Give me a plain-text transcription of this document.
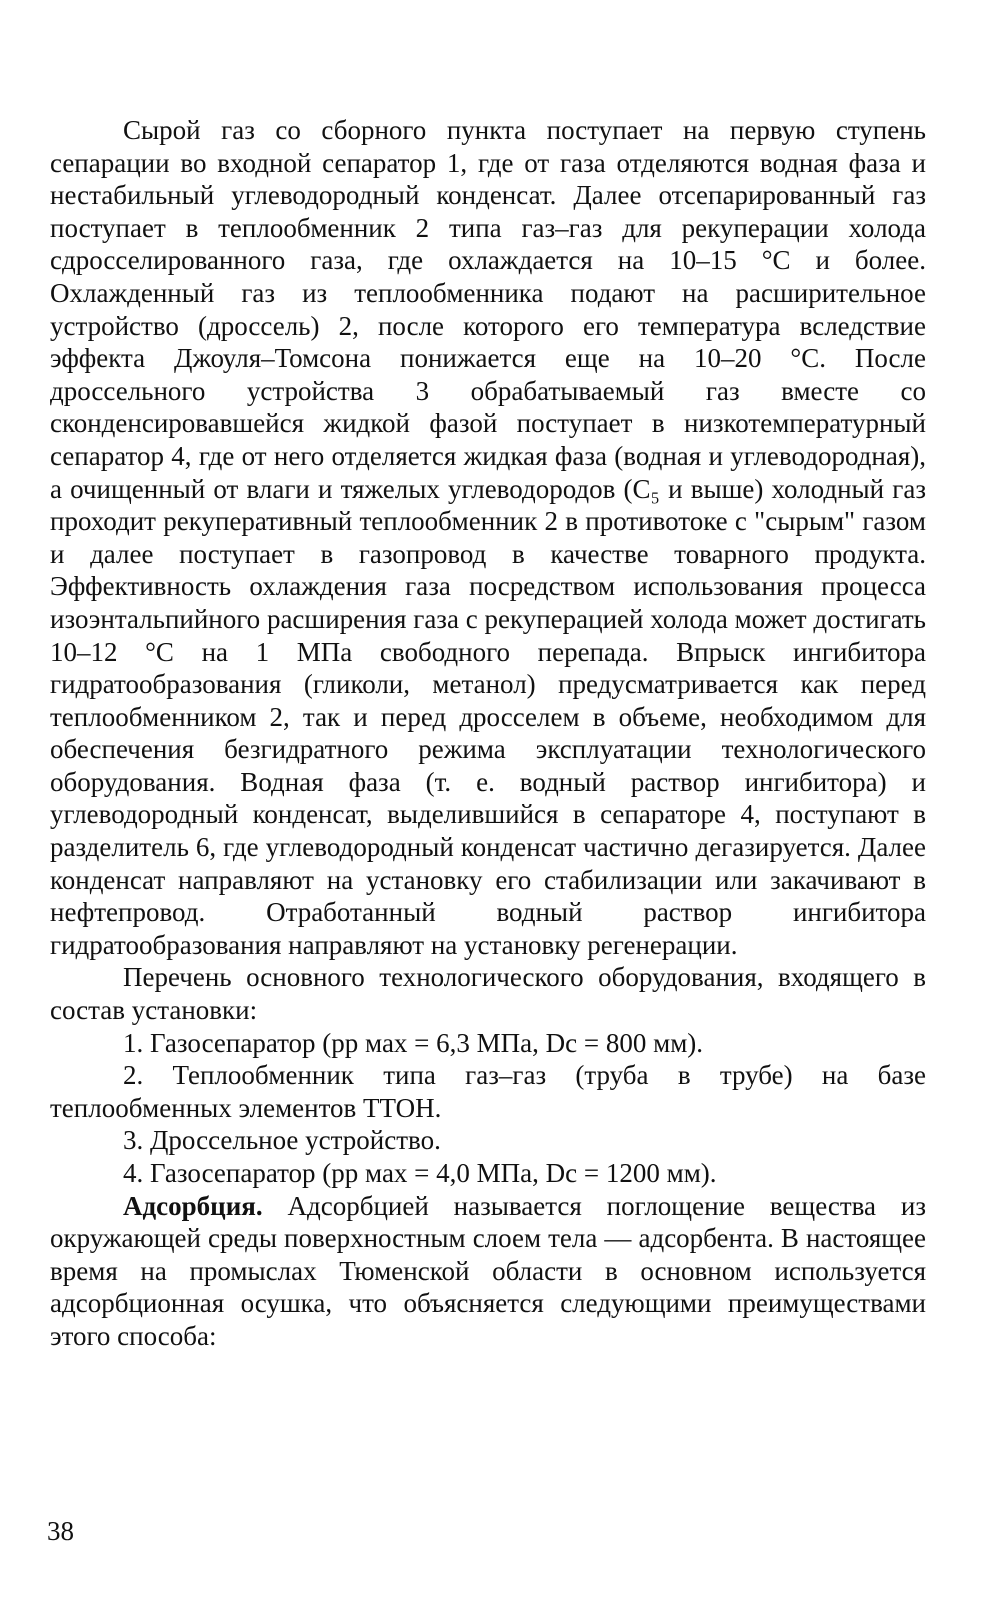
Сырой газ со сборного пункта поступает на первую ступень сепарации во входной сепаратор 1, где от газа отделяются водная фаза и нестабильный углеводородный конденсат. Далее отсепарированный газ поступает в теплообменник 2 типа газ–газ для рекуперации холода сдросселированного газа, где охлаждается на 10–15 °С и более. Охлажденный газ из теплообменника подают на расширительное устройство (дроссель) 2, после которого его температура вследствие эффекта Джоуля–Томсона понижается еще на 10–20 °С. После дроссельного устройства 3 обрабатываемый газ вместе со сконденсировавшейся жидкой фазой поступает в низкотемпературный сепаратор 4, где от него отделяется жидкая фаза (водная и углеводородная), а очищенный от влаги и тяжелых углеводородов (С₅ и выше) холодный газ проходит рекуперативный теплообменник 2 в противотоке с "сырым" газом и далее поступает в газопровод в качестве товарного продукта. Эффективность охлаждения газа посредством использования процесса изоэнтальпийного расширения газа с рекуперацией холода может достигать 10–12 °С на 1 МПа свободного перепада. Впрыск ингибитора гидратообразования (гликоли, метанол) предусматривается как перед теплообменником 2, так и перед дросселем в объеме, необходимом для обеспечения безгидратного режима эксплуатации технологического оборудования. Водная фаза (т. е. водный раствор ингибитора) и углеводородный конденсат, выделившийся в сепараторе 4, поступают в разделитель 6, где углеводородный конденсат частично дегазируется. Далее конденсат направляют на установку его стабилизации или закачивают в нефтепровод. Отработанный водный раствор ингибитора гидратообразования направляют на установку регенерации.

Перечень основного технологического оборудования, входящего в состав установки:

1. Газосепаратор (pр мах = 6,3 МПа, Dс = 800 мм).

2. Теплообменник типа газ–газ (труба в трубе) на базе теплообменных элементов ТТОН.

3. Дроссельное устройство.

4. Газосепаратор (pр мах = 4,0 МПа, Dс = 1200 мм).

Адсорбция. Адсорбцией называется поглощение вещества из окружающей среды поверхностным слоем тела — адсорбента. В настоящее время на промыслах Тюменской области в основном используется адсорбционная осушка, что объясняется следующими преимуществами этого способа:

38
